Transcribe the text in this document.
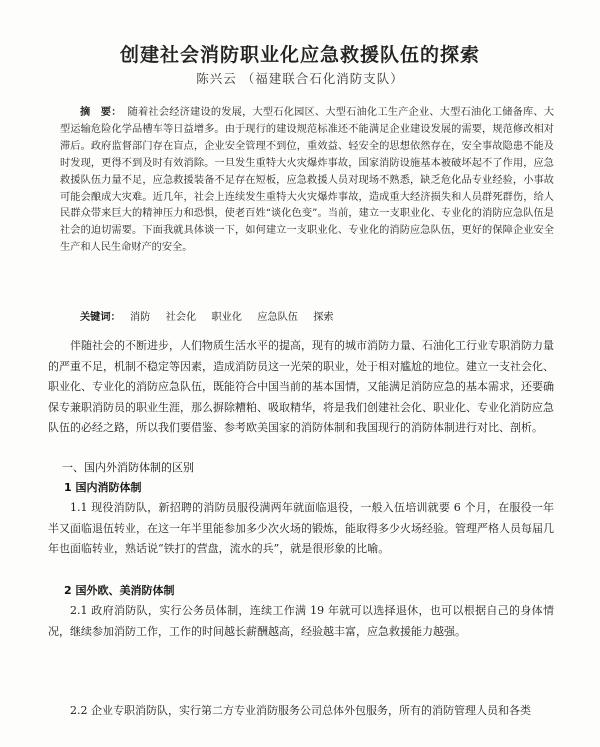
创建社会消防职业化应急救援队伍的探索
陈兴云 （福建联合石化消防支队）
摘　要： 随着社会经济建设的发展，大型石化园区、大型石油化工生产企业、大型石油化工储备库、大型运输危险化学品槽车等日益增多。由于现行的建设规范标准还不能满足企业建设发展的需要，规范修改相对滞后。政府监督部门存在盲点，企业安全管理不到位，重效益、轻安全的思想依然存在，安全事故隐患不能及时发现，更得不到及时有效消除。一旦发生重特大火灾爆炸事故，国家消防设施基本被破坏起不了作用，应急救援队伍力量不足，应急救援装备不足存在短板，应急救援人员对现场不熟悉，缺乏危化品专业经验，小事故可能会酿成大灾难。近几年，社会上连续发生重特大火灾爆炸事故，造成重大经济损失和人员群死群伤，给人民群众带来巨大的精神压力和恐惧，使老百姓“谈化色变”。当前，建立一支职业化、专业化的消防应急队伍是社会的迫切需要。下面我就具体谈一下，如何建立一支职业化、专业化的消防应急队伍，更好的保障企业安全生产和人民生命财产的安全。
关键词： 消防 社会化 职业化 应急队伍 探索
伴随社会的不断进步，人们物质生活水平的提高，现有的城市消防力量、石油化工行业专职消防力量的严重不足，机制不稳定等因素，造成消防员这一光荣的职业，处于相对尴尬的地位。建立一支社会化、职业化、专业化的消防应急队伍，既能符合中国当前的基本国情，又能满足消防应急的基本需求，还要确保专兼职消防员的职业生涯，那么摒除糟粕、吸取精华，将是我们创建社会化、职业化、专业化消防应急队伍的必经之路，所以我们要借鉴、参考欧美国家的消防体制和我国现行的消防体制进行对比、剖析。
一、国内外消防体制的区别
1 国内消防体制
1.1 现役消防队，新招聘的消防员服役满两年就面临退役，一般入伍培训就要 6 个月，在服役一年半又面临退伍转业，在这一年半里能参加多少次火场的锻炼，能取得多少火场经验。管理严格人员每届几年也面临转业，熟话说“铁打的营盘，流水的兵”，就是很形象的比喻。
2 国外欧、美消防体制
2.1 政府消防队，实行公务员体制，连续工作满 19 年就可以选择退休，也可以根据自己的身体情况，继续参加消防工作，工作的时间越长薪酬越高，经验越丰富，应急救援能力越强。
2.2 企业专职消防队，实行第二方专业消防服务公司总体外包服务，所有的消防管理人员和各类
